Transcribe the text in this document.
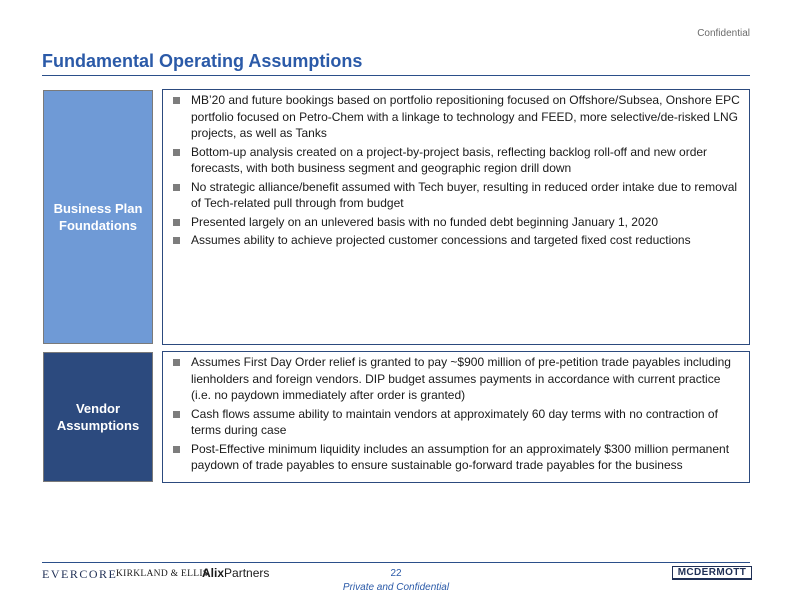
Confidential
Fundamental Operating Assumptions
Business Plan
Foundations
MB’20 and future bookings based on portfolio repositioning focused on Offshore/Subsea, Onshore EPC portfolio focused on Petro-Chem with a linkage to technology and FEED, more selective/de-risked LNG projects, as well as Tanks
Bottom-up analysis created on a project-by-project basis, reflecting backlog roll-off and new order forecasts, with both business segment and geographic region drill down
No strategic alliance/benefit assumed with Tech buyer, resulting in reduced order intake due to removal of Tech-related pull through from budget
Presented largely on an unlevered basis with no funded debt beginning January 1, 2020
Assumes ability to achieve projected customer concessions and targeted fixed cost reductions
Vendor
Assumptions
Assumes First Day Order relief is granted to pay ~$900 million of pre-petition trade payables including lienholders and foreign vendors. DIP budget assumes payments in accordance with current practice (i.e. no paydown immediately after order is granted)
Cash flows assume ability to maintain vendors at approximately 60 day terms with no contraction of terms during case
Post-Effective minimum liquidity includes an assumption for an approximately $300 million permanent paydown of trade payables to ensure sustainable go-forward trade payables for the business
EVERCORE
KIRKLAND & ELLIS
AlixPartners	22
Private and Confidential
MCDERMOTT
